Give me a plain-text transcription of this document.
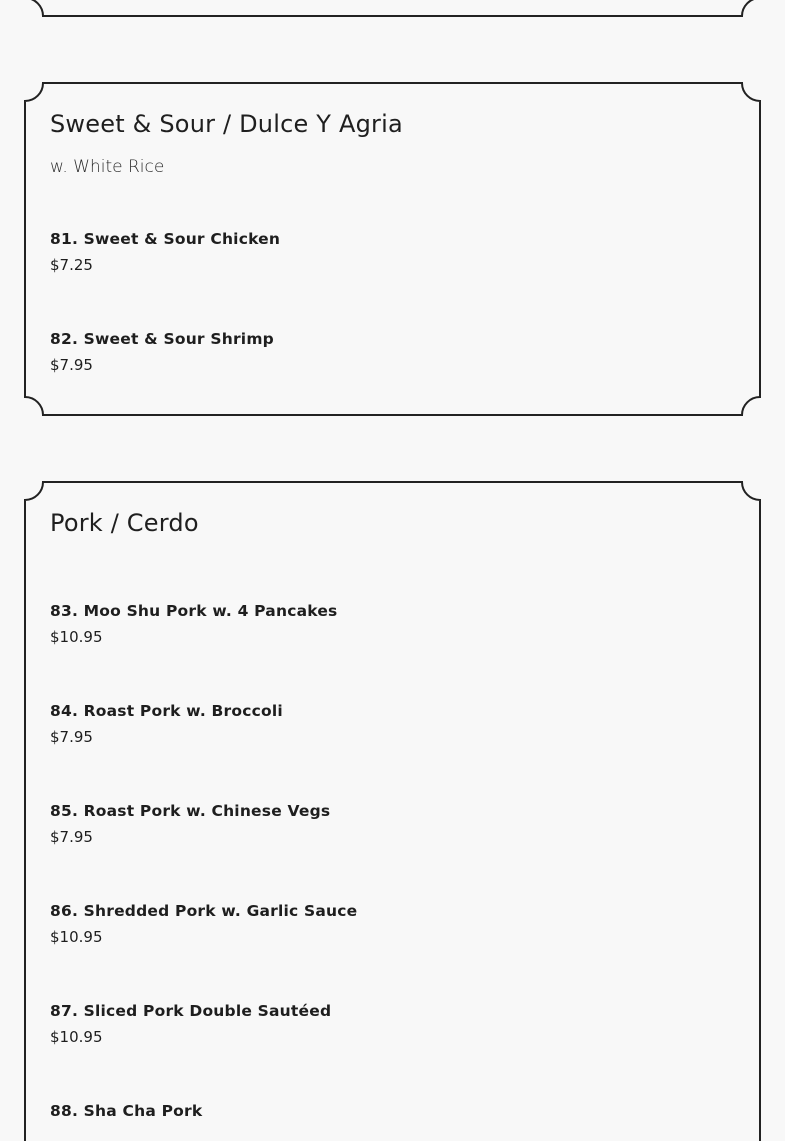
Sweet & Sour / Dulce Y Agria

w. White Rice

81. Sweet & Sour Chicken
$7.25
82. Sweet & Sour Shrimp
$7.95
Pork / Cerdo
83. Moo Shu Pork w. 4 Pancakes
$10.95
84. Roast Pork w. Broccoli
$7.95
85. Roast Pork w. Chinese Vegs
$7.95
86. Shredded Pork w. Garlic Sauce
$10.95
87. Sliced Pork Double Sautéed
$10.95
88. Sha Cha Pork
